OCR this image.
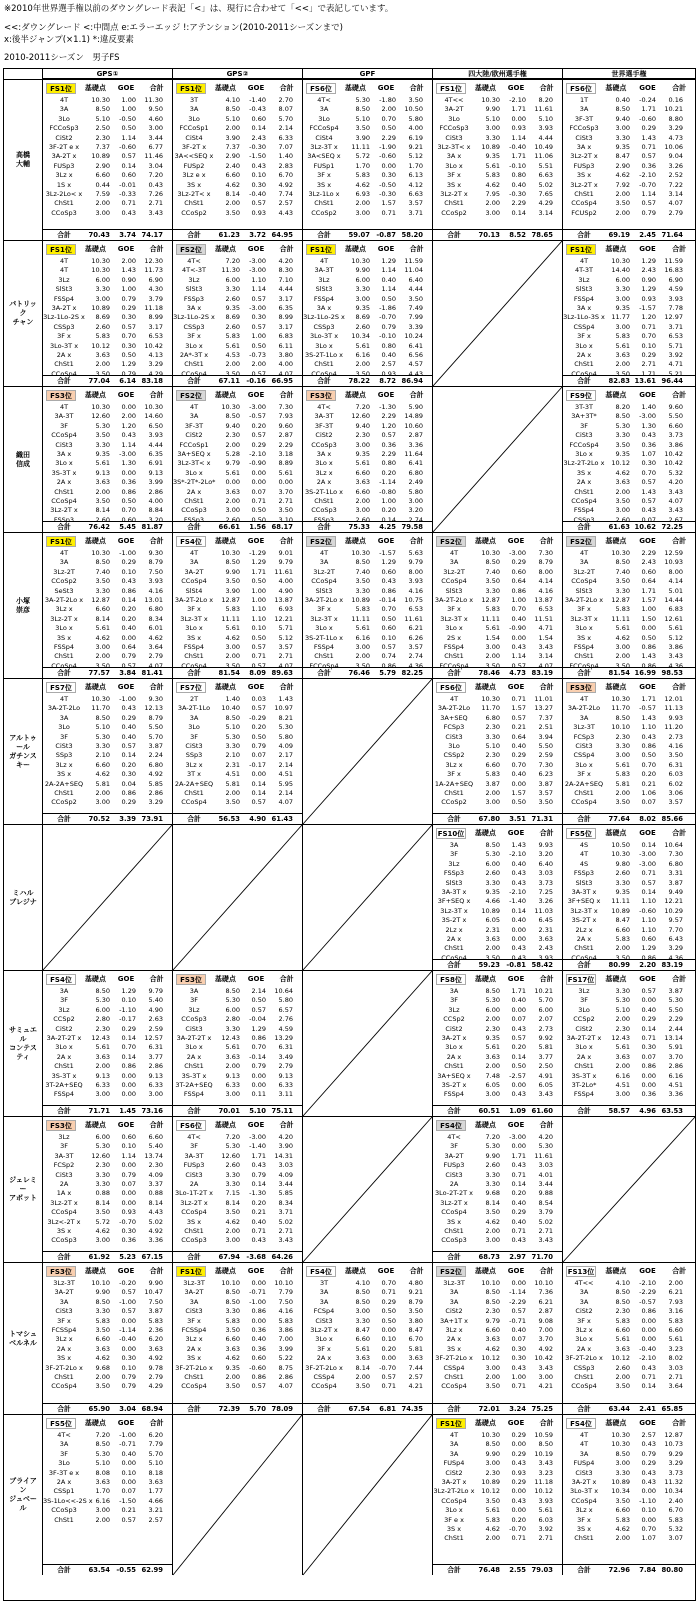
※2010年世界選手権以前のダウングレード表記「<」は、現行に合わせて「<<」で表記しています。
<<:ダウングレード <:中間点 e:エラーエッジ !:アテンション(2010-2011シーズンまで)
x:後半ジャンプ(×1.1) *:違反要素
2010-2011シーズン　男子FS
GPS①	GPS②	GPF	四大陸/欧州選手権	世界選手権
高橋
大輔
FS1位	基礎点	GOE	合計
4T	10.30	1.00	11.30
3A	8.50	1.00	9.50
3Lo	5.10	-0.50	4.60
FCCoSp3	2.50	0.50	3.00
CiSt2	2.30	1.14	3.44
3F-2T e x	7.37	-0.60	6.77
3A-2T x	10.89	0.57	11.46
FUSp3	2.90	0.14	3.04
3Lz x	6.60	0.60	7.20
1S x	0.44	-0.01	0.43
3Lz-2Lo< x	7.59	-0.33	7.26
ChSt1	2.00	0.71	2.71
CCoSp3	3.00	0.43	3.43
合計	70.43	3.74 74.17
FS1位	基礎点	GOE	合計
3T	4.10	-1.40	2.70
3A	8.50	-0.43	8.07
3Lo	5.10	0.60	5.70
FCCoSp1	2.00	0.14	2.14
CiSt4	3.90	2.43	6.33
3F-2T x	7.37	-0.30	7.07
3A<<SEQ x	2.90	-1.50	1.40
FUSp2	2.40	0.43	2.83
3Lz e x	6.60	0.10	6.70
3S x	4.62	0.30	4.92
3Lz-2T< x	8.14	-0.40	7.74
ChSt1	2.00	0.57	2.57
CCoSp2	3.50	0.93	4.43
合計	61.23	3.72 64.95
FS6位	基礎点	GOE	合計
4T<	5.30	-1.80	3.50
3A	8.50	2.00	10.50
3Lo	5.10	0.70	5.80
FCCoSp4	3.50	0.50	4.00
CiSt4	3.90	2.29	6.19
3Lz-3T x	11.11	-1.90	9.21
3A<SEQ x	5.72	-0.60	5.12
FUSp1	1.70	0.00	1.70
3F x	5.83	0.30	6.13
3S x	4.62	-0.50	4.12
3Lz-1Lo x	6.93	-0.30	6.63
ChSt1	2.00	1.57	3.57
CCoSp2	3.00	0.71	3.71
合計	59.07 -0.87 58.20
FS1位	基礎点	GOE	合計
4T<<	10.30	-2.10	8.20
3A-2T	9.90	1.71	11.61
3Lo	5.10	0.00	5.10
FCCoSp3	3.00	0.93	3.93
CiSt3	3.30	1.14	4.44
3Lz-3T< x	10.89	-0.40	10.49
3A x	9.35	1.71	11.06
3Lo x	5.61	-0.10	5.51
3F x	5.83	0.80	6.63
3S x	4.62	0.40	5.02
3Lz-2T x	7.95	-0.30	7.65
ChSt1	2.00	2.29	4.29
CCoSp2	3.00	0.14	3.14
合計	70.13	8.52 78.65
FS6位	基礎点	GOE	合計
1T	0.40	-0.24	0.16
3A	8.50	1.71	10.21
3F-3T	9.40	-0.60	8.80
FCCoSp3	3.00	0.29	3.29
CiSt3	3.30	1.43	4.73
3A x	9.35	0.71	10.06
3Lz-2T x	8.47	0.57	9.04
FUSp3	2.90	0.36	3.26
3S x	4.62	-2.10	2.52
3Lz-2T x	7.92	-0.70	7.22
ChSt1	2.00	1.14	3.14
CCoSp4	3.50	0.57	4.07
FCUSp2	2.00	0.79	2.79
合計	69.19	2.45 71.64
パトリック
チャン
FS1位	基礎点	GOE	合計
4T	10.30	2.00	12.30
4T	10.30	1.43	11.73
3Lz	6.00	0.90	6.90
SlSt3	3.30	1.00	4.30
FSSp4	3.00	0.79	3.79
3A-2T x	10.89	0.29	11.18
3Lz-1Lo-2S x	8.69	0.30	8.99
CSSp3	2.60	0.57	3.17
3F x	5.83	0.70	6.53
3Lo-3T x	10.12	0.30	10.42
2A x	3.63	0.50	4.13
ChSt1	2.00	1.29	3.29
CCoSp4	3.50	0.79	4.29
合計	77.04	6.14 83.18
FS2位	基礎点	GOE	合計
4T<	7.20	-3.00	4.20
4T<-3T	11.30	-3.00	8.30
3Lz	6.00	1.10	7.10
SlSt3	3.30	1.14	4.44
FSSp3	2.60	0.57	3.17
3A x	9.35	-3.00	6.35
3Lz-1Lo-2S x	8.69	0.30	8.99
CSSp3	2.60	0.57	3.17
3F x	5.83	1.00	6.83
3Lo x	5.61	0.50	6.11
2A*-3T x	4.53	-0.73	3.80
ChSt1	2.00	2.00	4.00
CCoSp4	3.50	0.57	4.07
合計	67.11 -0.16 66.95
FS1位	基礎点	GOE	合計
4T	10.30	1.29	11.59
3A-3T	9.90	1.14	11.04
3Lz	6.00	0.40	6.40
SlSt3	3.30	1.14	4.44
FSSp4	3.00	0.50	3.50
3A x	9.35	-1.86	7.49
3Lz-1Lo-2S x	8.69	-0.70	7.99
CSSp3	2.60	0.79	3.39
3Lo-3T x	10.34	-0.10	10.24
3Lo x	5.61	0.80	6.41
3S-2T-1Lo x	6.16	0.40	6.56
ChSt1	2.00	2.57	4.57
CCoSp4	3.50	0.93	4.43
合計	78.22	8.72 86.94
FS1位	基礎点	GOE	合計
4T	10.30	1.29	11.59
4T-3T	14.40	2.43	16.83
3Lz	6.00	0.90	6.90
SlSt3	3.30	1.29	4.59
FSSp4	3.00	0.93	3.93
3A x	9.35	-1.57	7.78
3Lz-1Lo-3S x	11.77	1.20	12.97
CSSp4	3.00	0.71	3.71
3F x	5.83	0.70	6.53
3Lo x	5.61	0.10	5.71
2A x	3.63	0.29	3.92
ChSt1	2.00	2.71	4.71
CCoSp4	3.50	1.71	5.21
合計	82.83 13.61 96.44
織田
信成
FS3位	基礎点	GOE	合計
4T	10.30	0.00	10.30
3A-3T	12.60	2.00	14.60
3F	5.30	1.20	6.50
CCoSp4	3.50	0.43	3.93
CiSt3	3.30	1.14	4.44
3A x	9.35	-3.00	6.35
3Lo x	5.61	1.30	6.91
3S-3T x	9.13	0.00	9.13
2A x	3.63	0.36	3.99
ChSt1	2.00	0.86	2.86
CCoSp4	3.50	0.50	4.00
3Lz-2T x	8.14	0.70	8.84
FSSp3	2.60	0.60	3.20
合計	76.42	5.45 81.87
FS2位	基礎点	GOE	合計
4T	10.30	-3.00	7.30
3A	8.50	-0.57	7.93
3F-3T	9.40	0.20	9.60
CiSt2	2.30	0.57	2.87
FCCoSp1	2.00	0.29	2.29
3A+SEQ x	5.28	-2.10	3.18
3Lz-3T< x	9.79	-0.90	8.89
3Lo x	5.61	0.00	5.61
3S*-2T*-2Lo*	0.00	0.00	0.00
2A x	3.63	0.07	3.70
ChSt1	2.00	0.71	2.71
CCoSp3	3.00	0.50	3.50
FSSp3	2.60	0.50	3.10
合計	66.61	1.56 68.17
FS3位	基礎点	GOE	合計
4T<	7.20	-1.30	5.90
3A-3T	12.60	2.29	14.89
3F-3T	9.40	1.20	10.60
CiSt2	2.30	0.57	2.87
CCoSp3	3.00	0.36	3.36
3A x	9.35	2.29	11.64
3Lo x	5.61	0.80	6.41
3Lz x	6.60	0.20	6.80
2A x	3.63	-1.14	2.49
3S-2T-1Lo x	6.60	-0.80	5.80
ChSt1	2.00	1.00	3.00
CCoSp3	3.00	0.20	3.20
FSSp3	2.60	0.14	2.74
合計	75.33	4.25 79.58
FS9位	基礎点	GOE	合計
3T-3T	8.20	1.40	9.60
3A+3T*	8.50	-3.00	5.50
3F	5.30	1.30	6.60
CiSt3	3.30	0.43	3.73
FCCoSp4	3.50	0.36	3.86
3Lo x	9.35	1.07	10.42
3Lz-2T-2Lo x	10.12	0.30	10.42
3S x	4.62	0.70	5.32
2A x	3.63	0.57	4.20
ChSt1	2.00	1.43	3.43
CCoSp4	3.50	0.57	4.07
FSSp4	3.00	0.43	3.43
CSSp3	2.60	0.07	2.67
合計	61.63 10.62 72.25
小塚
崇彦
FS1位	基礎点	GOE	合計
4T	10.30	-1.00	9.30
3A	8.50	0.29	8.79
3Lz-2T	7.40	0.10	7.50
CCoSp2	3.50	0.43	3.93
SeSt3	3.30	0.86	4.16
3A-2T-2Lo x	12.87	0.14	13.01
3Lz x	6.60	0.20	6.80
3Lz-2T x	8.14	0.20	8.34
3Lo x	5.61	0.40	6.01
3S x	4.62	0.00	4.62
FSSp4	3.00	0.64	3.64
ChSt1	2.00	0.79	2.79
CCoSp4	3.50	0.57	4.07
合計	77.57	3.84 81.41
FS4位	基礎点	GOE	合計
4T	10.30	-1.29	9.01
3A	8.50	1.29	9.79
3A-2T	9.90	1.71	11.61
CCoSp4	3.50	0.50	4.00
SlSt4	3.90	1.00	4.90
3A-2T-2Lo x	12.87	1.00	13.87
3F x	5.83	1.10	6.93
3Lz-3T x	11.11	1.10	12.21
3Lo x	5.61	0.10	5.71
3S x	4.62	0.50	5.12
FSSp4	3.00	0.57	3.57
ChSt1	2.00	0.71	2.71
CCoSp4	3.50	0.57	4.07
合計	81.54	8.09 89.63
FS2位	基礎点	GOE	合計
4T	10.30	-1.57	5.63
3A	8.50	1.29	9.79
3Lz-2T	7.40	0.60	8.00
CCoSp4	3.50	0.43	3.93
SlSt3	3.30	0.86	4.16
3A-2T-2Lo x	10.89	-0.14	10.75
3F x	5.83	0.70	6.53
3Lz-3T x	11.11	0.50	11.61
3Lo x	5.61	0.60	6.21
3S-2T-1Lo x	6.16	0.10	6.26
FSSp4	3.00	0.57	3.57
ChSt1	2.00	0.74	2.74
FCCoSp4	3.50	0.86	4.36
合計	76.46	5.79 82.25
FS2位	基礎点	GOE	合計
4T	10.30	-3.00	7.30
3A	8.50	0.29	8.79
3Lz-2T	7.40	0.60	8.00
CCoSp4	3.50	0.64	4.14
SlSt3	3.30	0.86	4.16
3A-2T-2Lo x	12.87	1.00	13.87
3F x	5.83	0.70	6.53
3Lz-3T x	11.11	0.40	11.51
3Lo x	5.61	-0.90	4.71
2S x	1.54	0.00	1.54
FSSp4	3.00	0.43	3.43
ChSt1	2.00	1.14	3.14
FCCoSp4	3.50	0.57	4.07
合計	78.46	4.73 83.19
FS2位	基礎点	GOE	合計
4T	10.30	2.29	12.59
3A	8.50	2.43	10.93
3Lz-2T	7.40	0.60	8.00
CCoSp4	3.50	0.64	4.14
SlSt3	3.30	1.71	5.01
3A-2T-2Lo x	12.87	1.57	14.44
3F x	5.83	1.00	6.83
3Lz-3T x	11.11	1.50	12.61
3Lo x	5.61	0.00	5.61
3S x	4.62	0.50	5.12
FSSp4	3.00	0.86	3.86
ChSt1	2.00	1.43	3.43
FCCoSp4	3.50	0.86	4.36
合計	81.54 16.99 98.53
アルトゥール
ガチンスキー
FS7位	基礎点	GOE	合計
4T	10.30	-1.00	9.30
3A-2T-2Lo	11.70	0.43	12.13
3A	8.50	0.29	8.79
3Lo	5.10	0.40	5.50
3F	5.30	0.40	5.70
CiSt3	3.30	0.57	3.87
SSp3	2.10	0.14	2.24
3Lz x	6.60	0.20	6.80
3S x	4.62	0.30	4.92
2A-2A+SEQ	5.81	0.04	5.85
ChSt1	2.00	0.86	2.86
CCoSp2	3.00	0.29	3.29
合計	70.52	3.39 73.91
FS7位	基礎点	GOE	合計
2T	1.40	0.03	1.43
3A-2T-1Lo	10.40	0.57	10.97
3A	8.50	-0.29	8.21
3Lo	5.10	0.20	5.30
3F	5.30	0.50	5.80
CiSt3	3.30	0.79	4.09
SSp3	2.10	0.07	2.17
3Lz x	2.31	-0.17	2.14
3T x	4.51	0.00	4.51
2A-2A+SEQ	5.81	0.14	5.95
ChSt1	2.00	0.14	2.14
CCoSp4	3.50	0.57	4.07
合計	56.53	4.90 61.43
FS6位	基礎点	GOE	合計
4T	10.30	0.71	11.01
3A-2T-2Lo	11.70	1.57	13.27
3A+SEQ	6.80	0.57	7.37
FCSp3	2.30	0.21	2.51
CiSt3	3.30	0.64	3.94
3Lo	5.10	0.40	5.50
CSSp2	2.30	0.29	2.59
3Lz x	6.60	0.70	7.30
3F x	5.83	0.40	6.23
1A-2A+SEQ	3.87	0.00	3.87
ChSt1	2.00	1.57	3.57
CCoSp2	3.00	0.50	3.50
合計	67.80	3.51 71.31
FS3位	基礎点	GOE	合計
4T	10.30	1.71	12.01
3A-2T-2Lo	11.70	-0.57	11.13
3A	8.50	1.43	9.93
3Lz-3T	10.10	1.10	11.20
FCSp3	2.30	0.43	2.73
CiSt3	3.30	0.86	4.16
CSSp4	3.00	0.50	3.50
3Lo x	5.61	0.70	6.31
3F x	5.83	0.20	6.03
2A-2A+SEQ	5.81	0.21	6.02
ChSt1	2.00	1.06	3.06
CCoSp4	3.50	0.07	3.57
合計	77.64	8.02 85.66
ミハル
ブレジナ
FS10位	基礎点	GOE	合計
3A	8.50	1.43	9.93
3F	5.30	-2.10	3.20
3Lz	6.00	0.40	6.40
FSSp3	2.60	0.43	3.03
SlSt3	3.30	0.43	3.73
3A-3T x	9.35	-2.10	7.25
3F+SEQ x	4.66	-1.40	3.26
3Lz-3T x	10.89	0.14	11.03
3S-2T x	6.05	0.40	6.45
2Lz x	2.31	0.00	2.31
2A x	3.63	0.00	3.63
ChSt1	2.00	0.43	2.43
CCoSp4	3.50	0.43	3.93
合計	59.23 -0.81 58.42
FS5位	基礎点	GOE	合計
4S	10.50	0.14	10.64
4T	10.30	-3.00	7.30
4S	9.80	-3.00	6.80
FSSp3	2.60	0.71	3.31
SlSt3	3.30	0.57	3.87
3A-3T x	9.35	0.14	9.49
3F+SEQ x	11.11	1.10	12.21
3Lz-3T x	10.89	-0.60	10.29
3S-2T x	8.47	1.10	9.57
2Lz x	6.60	1.10	7.70
2A x	5.83	0.60	6.43
ChSt1	2.00	1.29	3.29
CCoSp4	3.50	0.86	4.36
合計	80.99	2.20 83.19
サミュエル
コンテスティ
FS4位	基礎点	GOE	合計
3A	8.50	1.29	9.79
3F	5.30	0.10	5.40
3Lz	6.00	-1.10	4.90
CCSp2	2.80	-0.17	2.63
CiSt2	2.30	0.29	2.59
3A-2T-2T x	12.43	0.14	12.57
3Lo x	5.61	0.70	6.31
2A x	3.63	0.14	3.77
ChSt1	2.00	0.86	2.86
3S-3T x	9.13	0.00	9.13
3T-2A+SEQ	6.33	0.00	6.33
FSSp4	3.00	0.00	3.00
合計	71.71	1.45 73.16
FS3位	基礎点	GOE	合計
3A	8.50	2.14	10.64
3F	5.30	0.50	5.80
3Lz	6.00	0.57	6.57
CCoSp3	2.80	-0.04	2.76
CiSt3	3.30	1.29	4.59
3A-2T-2T x	12.43	0.86	13.29
3Lo x	5.61	0.70	6.31
2A x	3.63	-0.14	3.49
ChSt1	2.00	0.79	2.79
3S-3T x	9.13	0.00	9.13
3T-2A+SEQ	6.33	0.00	6.33
FSSp4	3.00	0.11	3.11
合計	70.01	5.10 75.11
FS8位	基礎点	GOE	合計
3A	8.50	1.71	10.21
3F	5.30	0.40	5.70
3Lz	6.00	0.00	6.00
CCSp2	2.00	0.07	2.07
CiSt2	2.30	0.43	2.73
3A-2T x	9.35	0.57	9.92
3Lo x	5.61	0.20	5.81
2A x	3.63	0.14	3.77
ChSt1	2.00	0.50	2.50
3A+SEQ x	7.48	-2.57	4.91
3S-2T x	6.05	0.00	6.05
FSSp4	3.00	0.43	3.43
合計	60.51	1.09 61.60
FS17位	基礎点	GOE	合計
3Lz	3.30	0.57	3.87
3F	5.30	0.00	5.30
3Lo	5.10	0.40	5.50
CCSp2	2.00	0.29	2.29
CiSt2	2.30	0.14	2.44
3A-2T-2T x	12.43	0.71	13.14
3Lo x	5.61	0.30	5.91
2A x	3.63	0.07	3.70
ChSt1	2.00	0.86	2.86
3S-3T x	6.16	0.00	6.16
3T-2Lo*	4.51	0.00	4.51
FSSp4	3.00	0.36	3.36
合計	58.57	4.96 63.53
ジェレミー
アボット
FS3位	基礎点	GOE	合計
3Lz	6.00	0.60	6.60
3F	5.30	0.10	5.40
3A-3T	12.60	1.14	13.74
FCSp2	2.30	0.00	2.30
CiSt3	3.30	0.79	4.09
2A	3.30	0.07	3.37
1A x	0.88	0.00	0.88
3Lz-2T x	8.14	0.00	8.14
CCoSp4	3.50	0.93	4.43
3Lz<-2T x	5.72	-0.70	5.02
3S x	4.62	0.30	4.92
CCoSp3	3.00	0.36	3.36
合計	61.92	5.23 67.15
FS6位	基礎点	GOE	合計
4T<	7.20	-3.00	4.20
3F	5.30	-1.40	3.90
3A-3T	12.60	1.71	14.31
FUSp3	2.60	0.43	3.03
CiSt3	3.30	0.79	4.09
2A	3.30	0.14	3.44
3Lo-1T-2T x	7.15	-1.30	5.85
3Lz-2T x	8.14	0.20	8.34
CCoSp4	3.50	0.21	3.71
3S x	4.62	0.40	5.02
ChSt1	2.00	0.71	2.71
CCoSp3	3.00	0.43	3.43
合計	67.94 -3.68 64.26
FS4位	基礎点	GOE	合計
4T<	7.20	-3.00	4.20
3F	5.30	0.00	5.30
3A-2T	9.90	1.71	11.61
FUSp3	2.60	0.43	3.03
CiSt3	3.30	0.71	4.01
2A	3.30	0.14	3.44
3Lo-2T-2T x	9.68	0.20	9.88
3Lz-2T x	8.14	0.40	8.54
CCoSp4	3.50	0.29	3.79
3S x	4.62	0.40	5.02
ChSt1	2.00	0.71	2.71
CCoSp3	3.00	0.43	3.43
合計	68.73	2.97 71.70
トマシュ
ベルネル
FS3位	基礎点	GOE	合計
3Lz-3T	10.10	-0.20	9.90
3A-2T	9.90	0.57	10.47
3A	8.50	-1.00	7.50
CiSt3	3.30	0.57	3.87
3F x	5.83	0.00	5.83
FCSSp4	3.50	-1.14	2.36
3Lz x	6.60	-0.40	6.20
2A x	3.63	0.00	3.63
3S x	4.62	0.30	4.92
3F-2T-2Lo x	9.68	0.10	9.78
ChSt1	2.00	0.79	2.79
CCoSp4	3.50	0.79	4.29
合計	65.90	3.04 68.94
FS1位	基礎点	GOE	合計
3Lz-3T	10.10	0.00	10.10
3A-2T	8.50	-0.71	7.79
3A	8.50	-1.00	7.50
CiSt3	3.30	0.86	4.16
3F x	5.83	0.00	5.83
FCSSp4	3.50	0.36	3.86
3Lz x	6.60	0.40	7.00
2A x	3.63	0.36	3.99
3S x	4.62	0.60	5.22
3F-2T-2Lo x	9.35	-0.60	8.75
ChSt1	2.00	0.86	2.86
CCoSp4	3.50	0.57	4.07
合計	72.39	5.70 78.09
FS4位	基礎点	GOE	合計
3T	4.10	0.70	4.80
3A	8.50	0.71	9.21
3A	8.50	0.29	8.79
FCSp4	3.00	0.50	3.50
CiSt3	3.30	0.50	3.80
3Lz-2T x	8.47	0.00	8.47
3Lo x	6.60	0.10	6.70
3F x	5.61	0.20	5.81
2A x	3.63	0.00	3.63
3F-2T-2Lo x	8.14	-0.70	7.44
CSSp4	2.00	0.57	2.57
CCoSp4	3.50	0.71	4.21
合計	67.54	6.81 74.35
FS2位	基礎点	GOE	合計
3Lz-3T	10.10	0.00	10.10
3A	8.50	-1.14	7.36
3A	8.50	-2.29	6.21
CiSt2	2.30	0.57	2.87
3A+1T x	9.79	-0.71	9.08
3Lz x	6.60	0.40	7.00
2A x	3.63	0.07	3.70
3S x	4.62	0.30	4.92
3F-2T-2Lo x	10.12	0.30	10.42
CSSp4	3.00	0.43	3.43
ChSt1	2.00	1.00	3.00
CCoSp4	3.50	0.71	4.21
合計	72.01	3.24 75.25
FS13位	基礎点	GOE	合計
4T<<	4.10	-2.10	2.00
3A	8.50	-2.29	6.21
3A	8.50	-0.57	7.93
CiSt2	2.30	0.86	3.16
3F x	5.83	0.00	5.83
3Lz x	6.60	0.00	6.60
3Lo x	5.61	0.00	5.61
2A x	3.63	-0.40	3.23
3F-2T-2Lo x	10.12	-2.10	8.02
CSSp3	2.60	0.43	3.03
ChSt1	2.00	0.71	2.71
CCoSp4	3.50	0.14	3.64
合計	63.44	2.41 65.85
ブライアン
ジュベール
FS5位	基礎点	GOE	合計
4T<	7.20	-1.00	6.20
3A	8.50	-0.71	7.79
3F	5.30	0.40	5.70
3Lo	5.10	0.00	5.10
3F-3T e x	8.08	0.10	8.18
2A x	3.63	0.00	3.63
CSSp1	1.70	0.07	1.77
3S-1Lo<<-2S x 6.16	-1.50	4.66
CCoSp3	3.00	0.21	3.21
ChSt1	2.00	0.57	2.57
合計	63.54 -0.55 62.99
FS1位	基礎点	GOE	合計
4T	10.30	0.29	10.59
3A	8.50	0.00	8.50
3A	9.90	0.29	10.19
FUSp4	3.00	0.43	3.43
CiSt2	2.30	0.93	3.23
3A-2T x	10.89	0.29	11.18
3Lz-2T-2Lo x	10.12	0.00	10.12
CCoSp4	3.50	0.43	3.93
3Lo x	5.61	0.00	5.61
3F e x	5.83	0.20	6.03
3S x	4.62	-0.70	3.92
ChSt1	2.00	0.71	2.71
合計	76.48	2.55 79.03
FS4位	基礎点	GOE	合計
4T	10.30	2.57	12.87
4T	10.30	0.43	10.73
3A	8.50	0.79	9.29
FUSp4	3.00	0.29	3.29
CiSt3	3.30	0.43	3.73
3A-2T x	10.89	0.43	11.32
3Lo-3T x	10.34	0.00	10.34
CCoSp4	3.50	-1.10	2.40
3Lz x	6.60	0.10	6.70
3F x	5.83	0.00	5.83
3S x	4.62	0.70	5.32
ChSt1	2.00	1.07	3.07
合計	72.96	7.84 80.80
